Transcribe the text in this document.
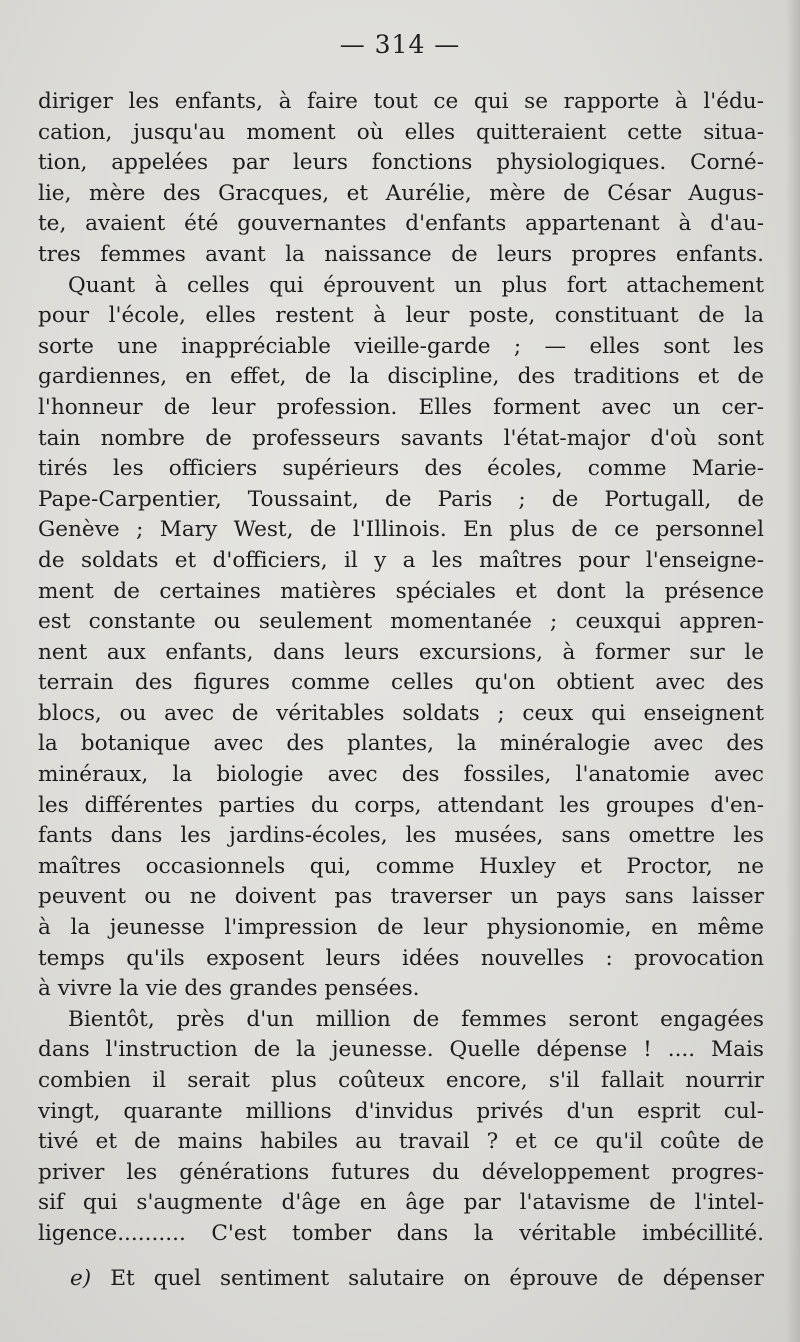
— 314 —
diriger les enfants, à faire tout ce qui se rapporte à l'édu-
cation, jusqu'au moment où elles quitteraient cette situa-
tion, appelées par leurs fonctions physiologiques. Corné-
lie, mère des Gracques, et Aurélie, mère de César Augus-
te, avaient été gouvernantes d'enfants appartenant à d'au-
tres femmes avant la naissance de leurs propres enfants.
Quant à celles qui éprouvent un plus fort attachement
pour l'école, elles restent à leur poste, constituant de la
sorte une inappréciable vieille-garde ; — elles sont les
gardiennes, en effet, de la discipline, des traditions et de
l'honneur de leur profession. Elles forment avec un cer-
tain nombre de professeurs savants l'état-major d'où sont
tirés les officiers supérieurs des écoles, comme Marie-
Pape-Carpentier, Toussaint, de Paris ; de Portugall, de
Genève ; Mary West, de l'Illinois. En plus de ce personnel
de soldats et d'officiers, il y a les maîtres pour l'enseigne-
ment de certaines matières spéciales et dont la présence
est constante ou seulement momentanée ; ceuxqui appren-
nent aux enfants, dans leurs excursions, à former sur le
terrain des figures comme celles qu'on obtient avec des
blocs, ou avec de véritables soldats ; ceux qui enseignent
la botanique avec des plantes, la minéralogie avec des
minéraux, la biologie avec des fossiles, l'anatomie avec
les différentes parties du corps, attendant les groupes d'en-
fants dans les jardins-écoles, les musées, sans omettre les
maîtres occasionnels qui, comme Huxley et Proctor, ne
peuvent ou ne doivent pas traverser un pays sans laisser
à la jeunesse l'impression de leur physionomie, en même
temps qu'ils exposent leurs idées nouvelles : provocation
à vivre la vie des grandes pensées.
Bientôt, près d'un million de femmes seront engagées
dans l'instruction de la jeunesse. Quelle dépense ! .... Mais
combien il serait plus coûteux encore, s'il fallait nourrir
vingt, quarante millions d'invidus privés d'un esprit cul-
tivé et de mains habiles au travail ? et ce qu'il coûte de
priver les générations futures du développement progres-
sif qui s'augmente d'âge en âge par l'atavisme de l'intel-
ligence.......... C'est tomber dans la véritable imbécillité.
e) Et quel sentiment salutaire on éprouve de dépenser
